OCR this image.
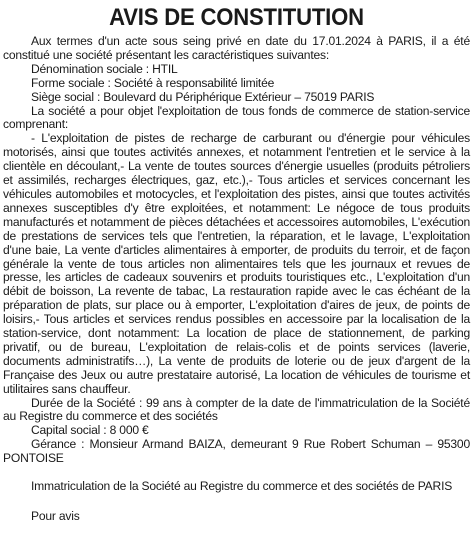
AVIS DE CONSTITUTION

Aux termes d'un acte sous seing privé en date du 17.01.2024 à PARIS, il a été constitué une société présentant les caractéristiques suivantes:

Dénomination sociale : HTIL

Forme sociale : Société à responsabilité limitée

Siège social : Boulevard du Périphérique Extérieur – 75019 PARIS

La société a pour objet l'exploitation de tous fonds de commerce de station-service comprenant:

- L'exploitation de pistes de recharge de carburant ou d'énergie pour véhicules motorisés, ainsi que toutes activités annexes, et notamment l'entretien et le service à la clientèle en découlant,- La vente de toutes sources d'énergie usuelles (produits pétroliers et assimilés, recharges électriques, gaz, etc.),- Tous articles et services concernant les véhicules automobiles et motocycles, et l'exploitation des pistes, ainsi que toutes activités annexes susceptibles d'y être exploitées, et notamment: Le négoce de tous produits manufacturés et notamment de pièces détachées et accessoires automobiles, L'exécution de prestations de services tels que l'entretien, la réparation, et le lavage, L'exploitation d'une baie, La vente d'articles alimentaires à emporter, de produits du terroir, et de façon générale la vente de tous articles non alimentaires tels que les journaux et revues de presse, les articles de cadeaux souvenirs et produits touristiques etc., L'exploitation d'un débit de boisson, La revente de tabac, La restauration rapide avec le cas échéant de la préparation de plats, sur place ou à emporter, L'exploitation d'aires de jeux, de points de loisirs,- Tous articles et services rendus possibles en accessoire par la localisation de la station-service, dont notamment: La location de place de stationnement, de parking privatif, ou de bureau, L'exploitation de relais-colis et de points services (laverie, documents administratifs…), La vente de produits de loterie ou de jeux d'argent de la Française des Jeux ou autre prestataire autorisé, La location de véhicules de tourisme et utilitaires sans chauffeur.

Durée de la Société : 99 ans à compter de la date de l'immatriculation de la Société au Registre du commerce et des sociétés

Capital social : 8 000 €

Gérance : Monsieur Armand BAIZA, demeurant 9 Rue Robert Schuman – 95300 PONTOISE

Immatriculation de la Société au Registre du commerce et des sociétés de PARIS

Pour avis
